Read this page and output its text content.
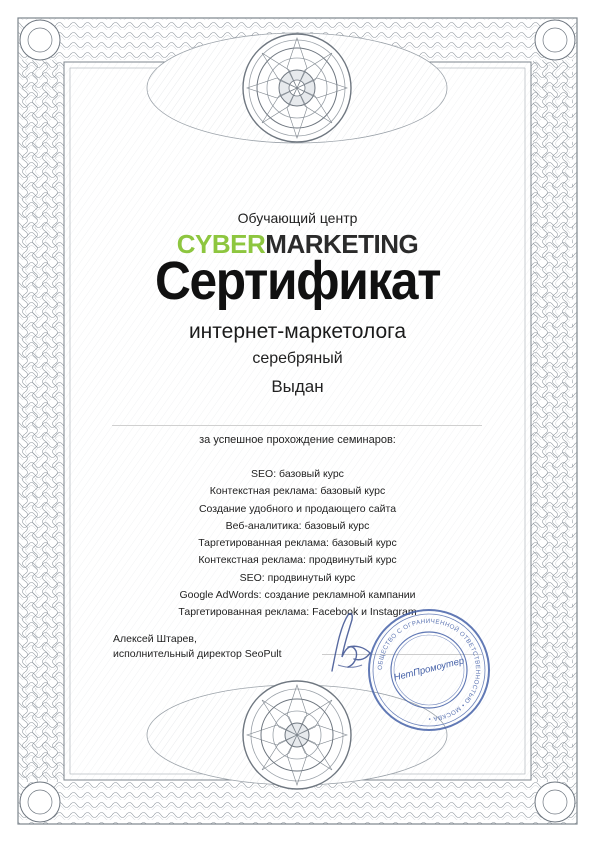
Обучающий центр
CYBERMARKETING
Сертификат
интернет-маркетолога
серебряный
Выдан
за успешное прохождение семинаров:
SEO: базовый курс
Контекстная реклама: базовый курс
Создание удобного и продающего сайта
Веб-аналитика: базовый курс
Таргетированная реклама: базовый курс
Контекстная реклама: продвинутый курс
SEO: продвинутый курс
Google AdWords: создание рекламной кампании
Таргетированная реклама: Facebook и Instagram
Алексей Штарев,
исполнительный директор SeoPult
ОБЩЕСТВО С ОГРАНИЧЕННОЙ ОТВЕТСТВЕННОСТЬЮ • МОСКВА •
НетПромоутер
